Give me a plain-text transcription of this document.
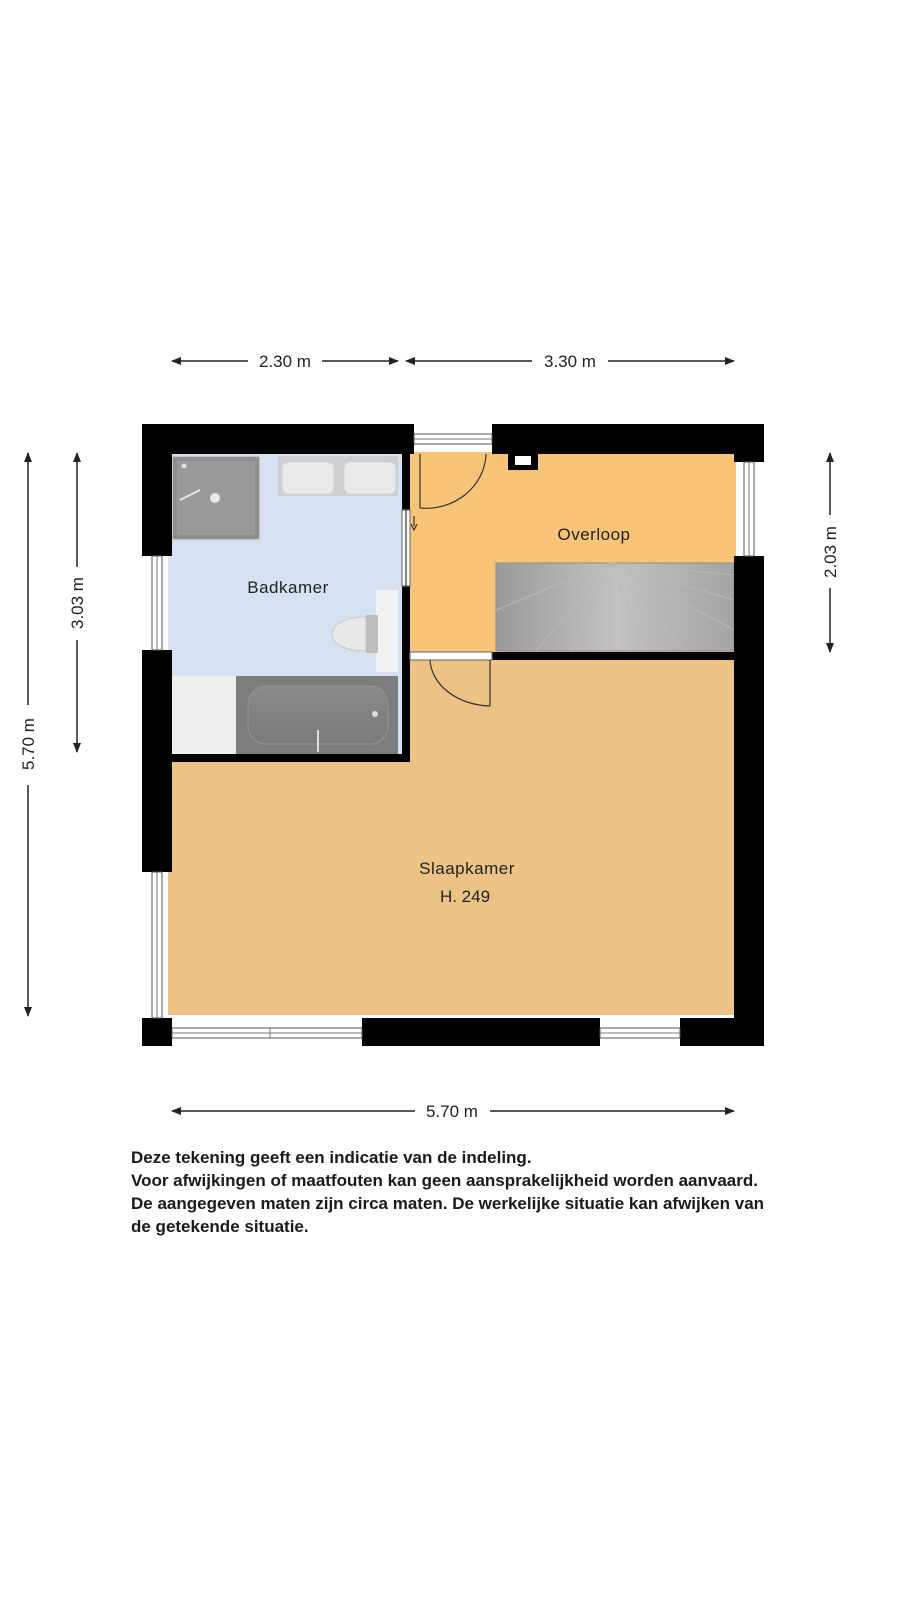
2.30 m	3.30 m
5.70 m
3.03 m
2.03 m
5.70 m
Badkamer
Overloop
Slaapkamer
H. 249
Deze tekening geeft een indicatie van de indeling.
Voor afwijkingen of maatfouten kan geen aansprakelijkheid worden aanvaard.
De aangegeven maten zijn circa maten. De werkelijke situatie kan afwijken van
de getekende situatie.
